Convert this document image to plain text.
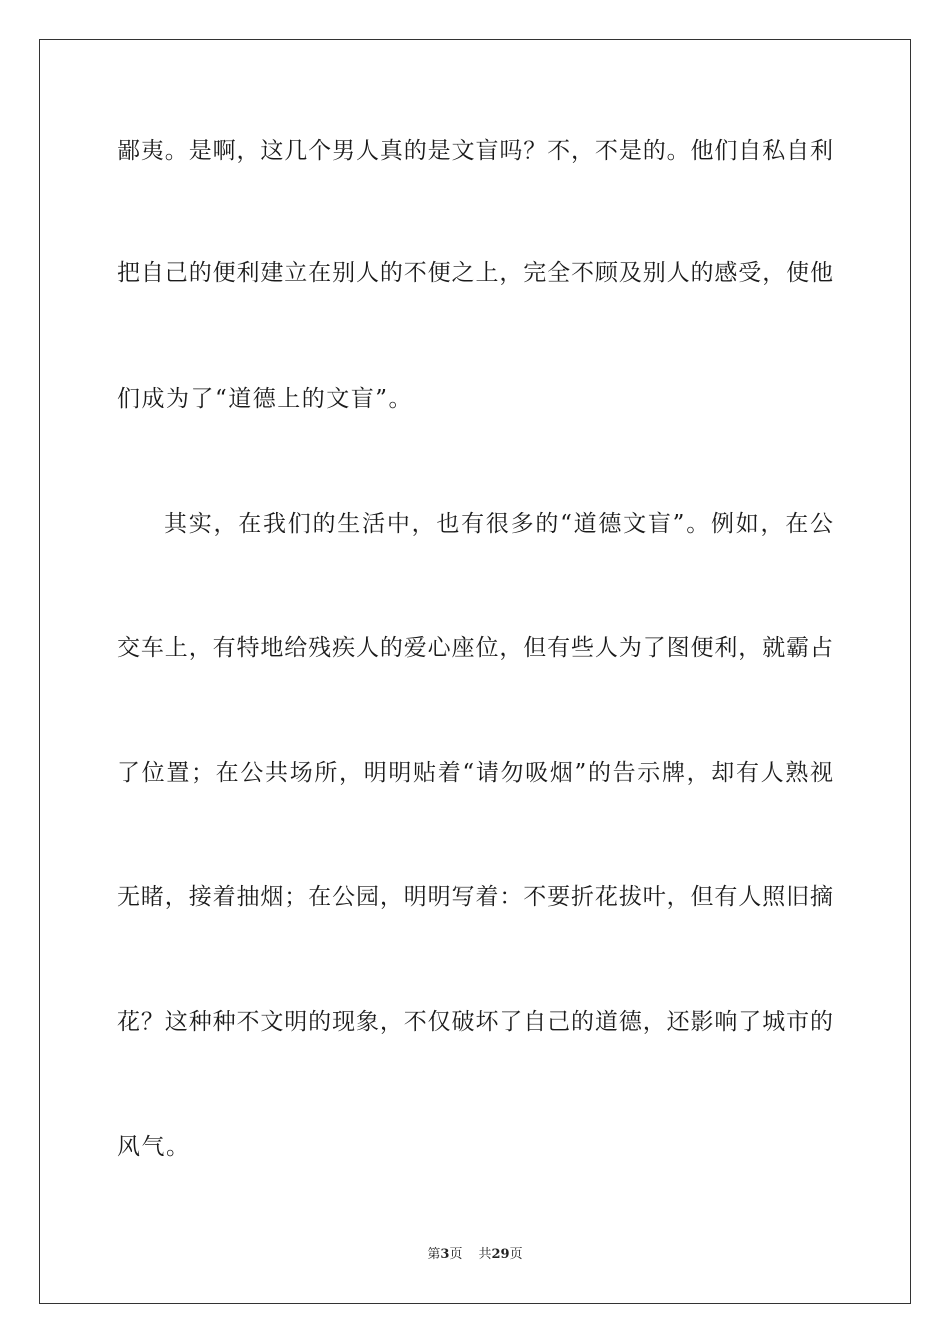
鄙夷。是啊，这几个男人真的是文盲吗？不，不是的。他们自私自利
把自己的便利建立在别人的不便之上，完全不顾及别人的感受，使他
们成为了“道德上的文盲”。
其实，在我们的生活中，也有很多的“道德文盲”。例如，在公
交车上，有特地给残疾人的爱心座位，但有些人为了图便利，就霸占
了位置；在公共场所，明明贴着“请勿吸烟”的告示牌，却有人熟视
无睹，接着抽烟；在公园，明明写着：不要折花拔叶，但有人照旧摘
花？这种种不文明的现象，不仅破坏了自己的道德，还影响了城市的
风气。
第3页 共29页
